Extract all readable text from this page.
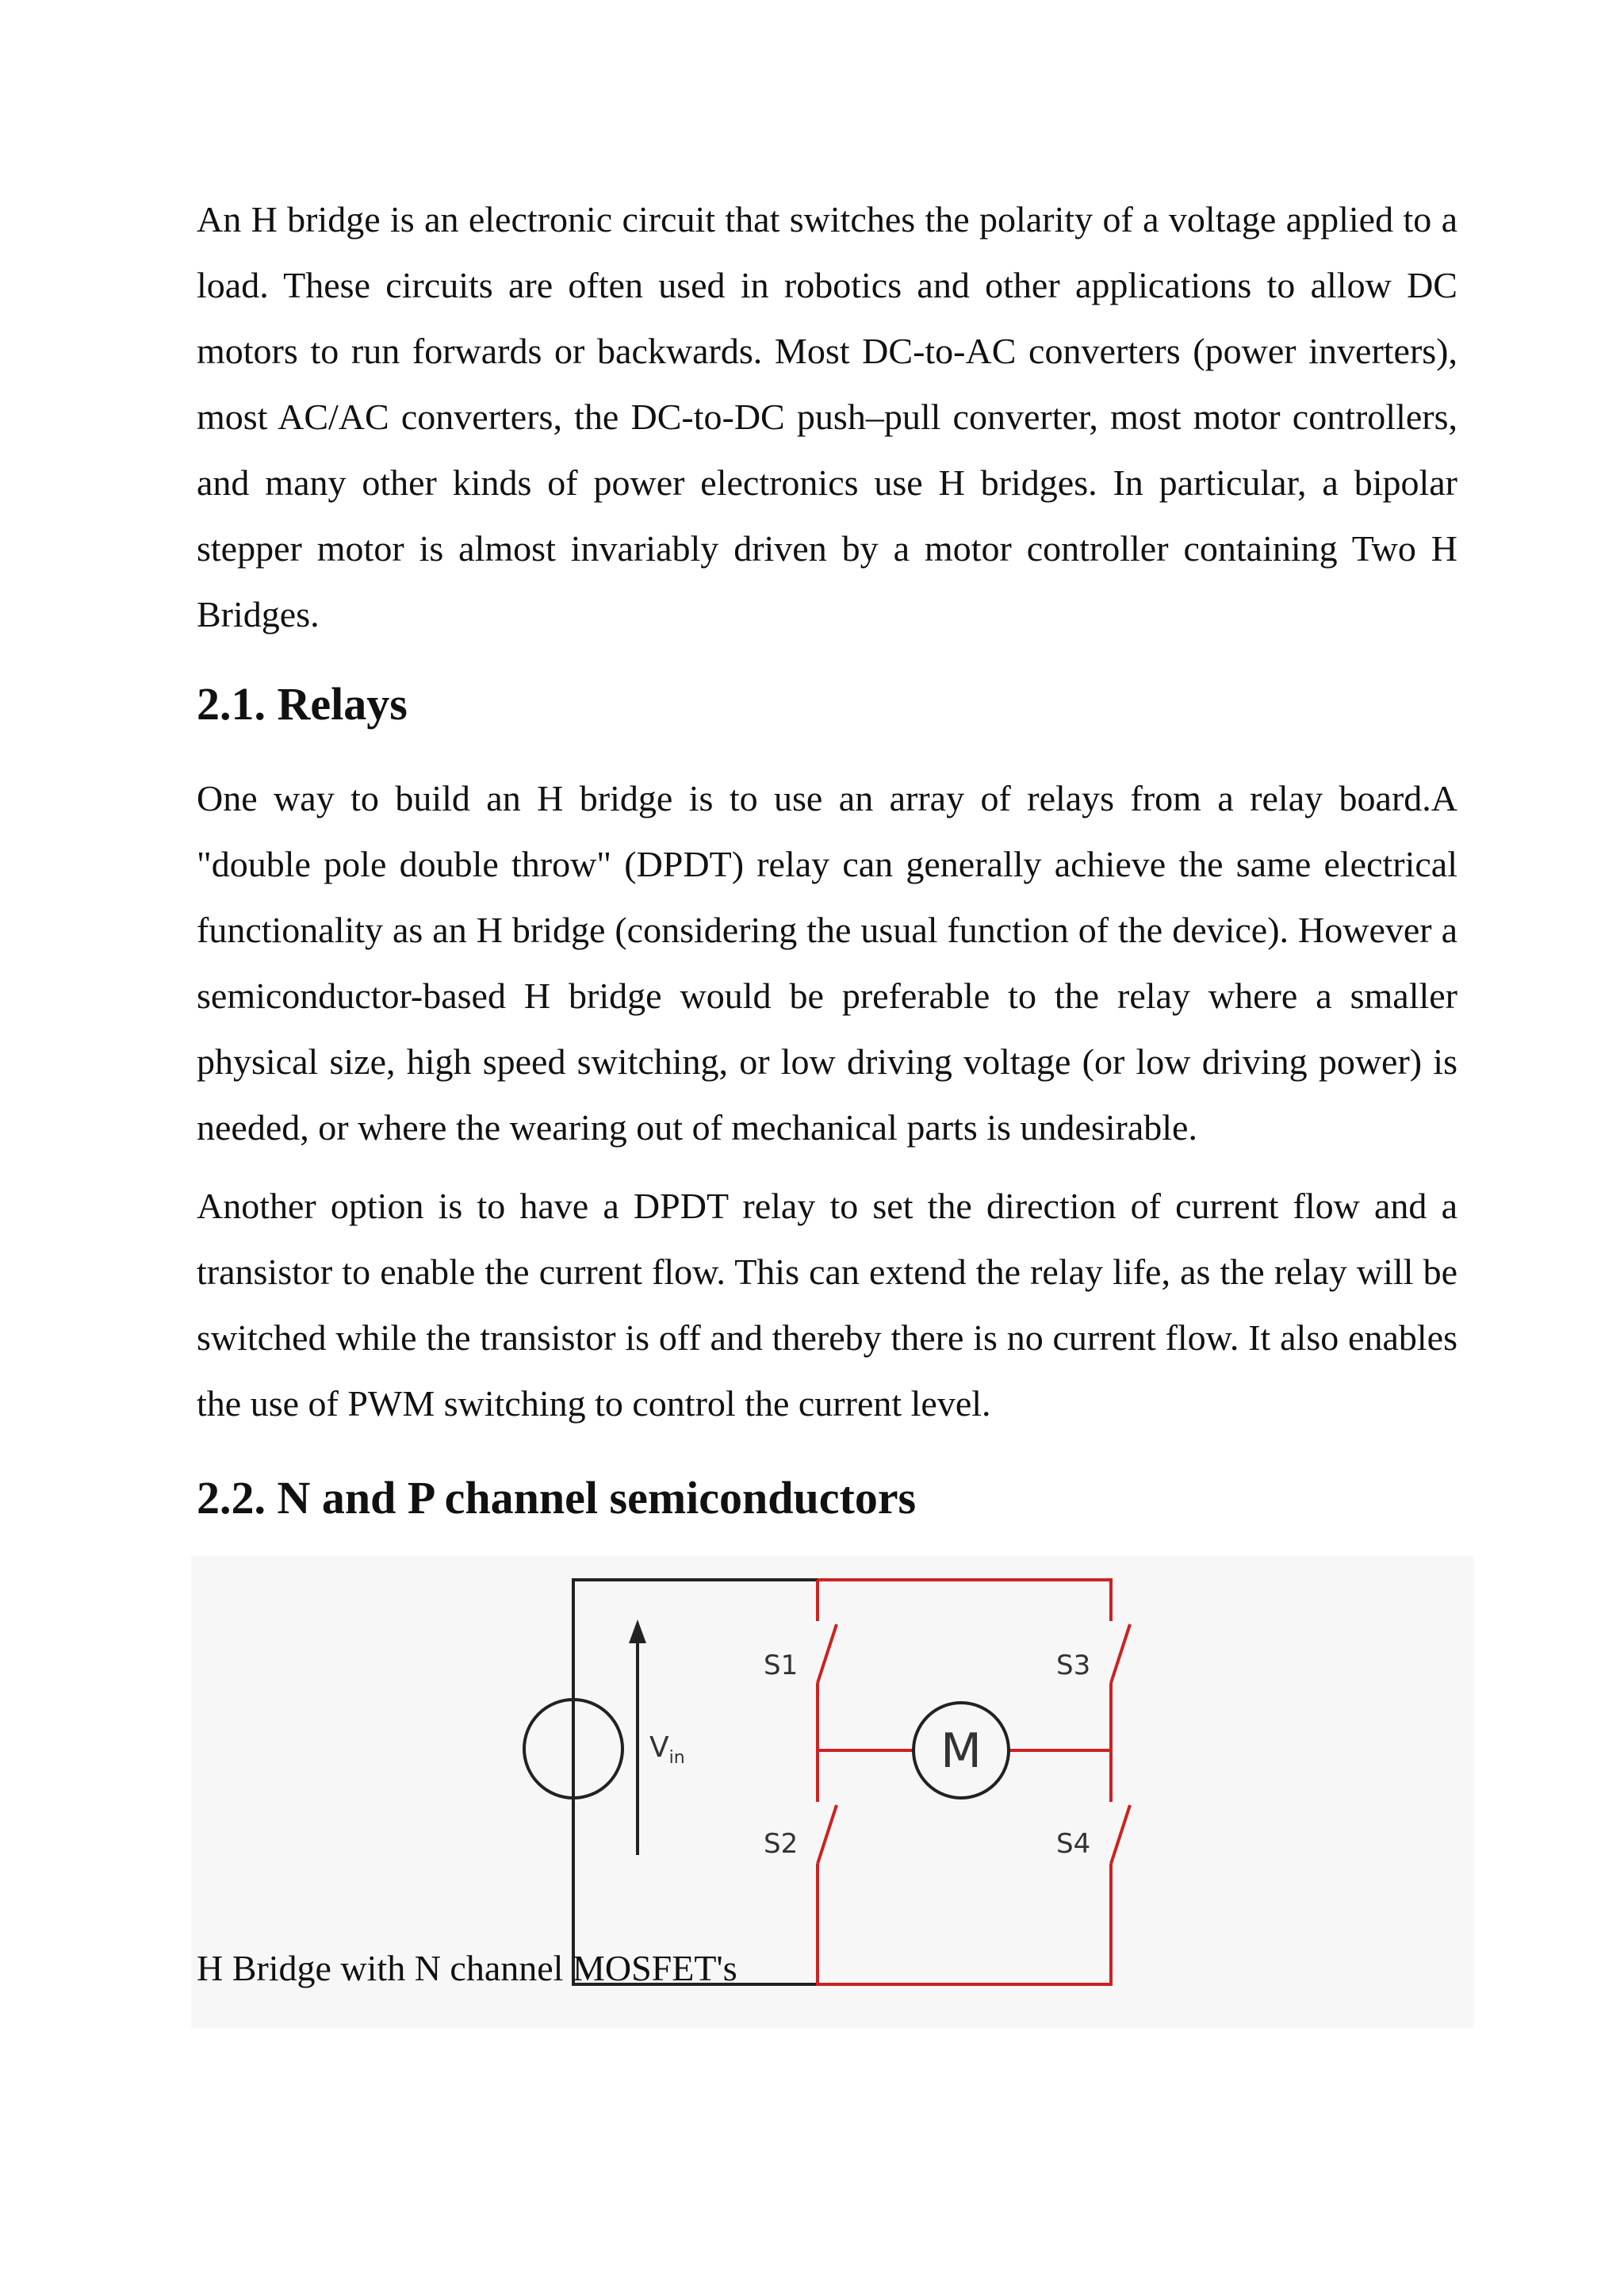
An H bridge is an electronic circuit that switches the polarity of a voltage applied to a load. These circuits are often used in robotics and other applications to allow DC motors to run forwards or backwards. Most DC-to-AC converters (power inverters), most AC/AC converters, the DC-to-DC push–pull converter, most motor controllers, and many other kinds of power electronics use H bridges. In particular, a bipolar stepper motor is almost invariably driven by a motor controller containing Two H Bridges.

2.1. Relays

One way to build an H bridge is to use an array of relays from a relay board.A "double pole double throw" (DPDT) relay can generally achieve the same electrical functionality as an H bridge (considering the usual function of the device). However a semiconductor-based H bridge would be preferable to the relay where a smaller physical size, high speed switching, or low driving voltage (or low driving power) is needed, or where the wearing out of mechanical parts is undesirable.

Another option is to have a DPDT relay to set the direction of current flow and a transistor to enable the current flow. This can extend the relay life, as the relay will be switched while the transistor is off and thereby there is no current flow. It also enables the use of PWM switching to control the current level.

2.2. N and P channel semiconductors
$V_{in}$
S1
S2
S3
S4
M

H Bridge with N channel MOSFET's
